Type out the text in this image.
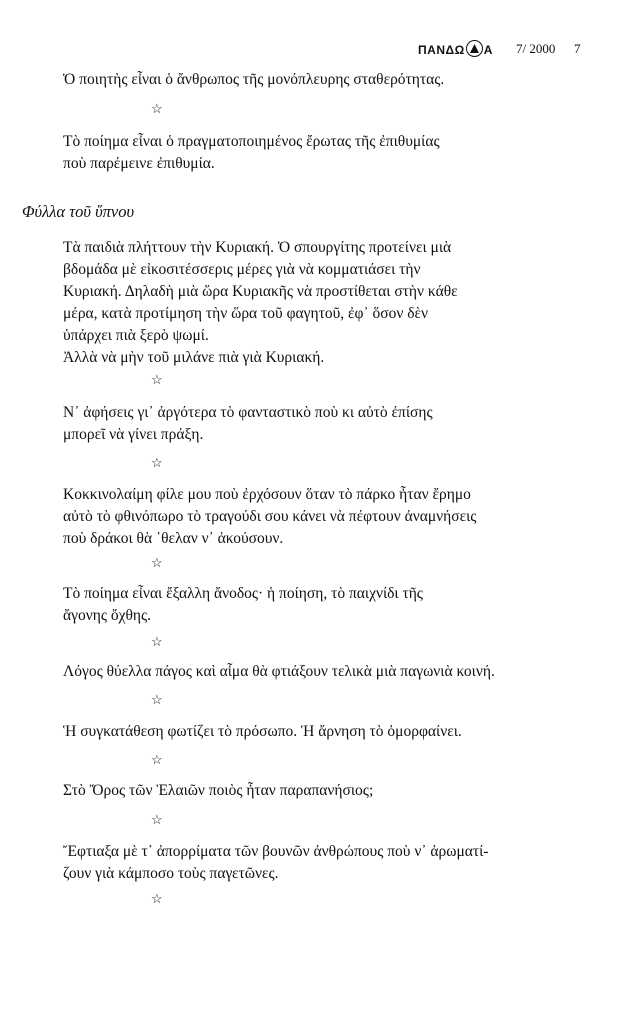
ΠΑΝΔΩ Α 7/ 2000 7

Ὁ ποιητὴς εἶναι ὁ ἄνθρωπος τῆς μονόπλευρης σταθερότητας.

☆

Τὸ ποίημα εἶναι ὁ πραγματοποιημένος ἔρωτας τῆς ἐπιθυμίας
ποὺ παρέμεινε ἐπιθυμία.

Φύλλα τοῦ ὕπνου

Τὰ παιδιὰ πλήττουν τὴν Κυριακή. Ὁ σπουργίτης προτείνει μιὰ
βδομάδα μὲ εἰκοσιτέσσερις μέρες γιὰ νὰ κομματιάσει τὴν
Κυριακή. Δηλαδὴ μιὰ ὥρα Κυριακῆς νὰ προστίθεται στὴν κάθε
μέρα, κατὰ προτίμηση τὴν ὥρα τοῦ φαγητοῦ, ἐφ᾽ ὅσον δὲν
ὑπάρχει πιὰ ξερὸ ψωμί.
Ἀλλὰ νὰ μὴν τοῦ μιλάνε πιὰ γιὰ Κυριακή.

☆

Ν᾽ ἀφήσεις γι᾽ ἀργότερα τὸ φανταστικὸ ποὺ κι αὐτὸ ἐπίσης
μπορεῖ νὰ γίνει πράξη.

☆

Κοκκινολαίμη φίλε μου ποὺ ἐρχόσουν ὅταν τὸ πάρκο ἦταν ἔρημο
αὐτὸ τὸ φθινόπωρο τὸ τραγούδι σου κάνει νὰ πέφτουν ἀναμνήσεις
ποὺ δράκοι θὰ ᾽θελαν ν᾽ ἀκούσουν.

☆

Τὸ ποίημα εἶναι ἔξαλλη ἄνοδος· ἡ ποίηση, τὸ παιχνίδι τῆς
ἄγονης ὄχθης.

☆

Λόγος θύελλα πάγος καὶ αἷμα θὰ φτιάξουν τελικὰ μιὰ παγωνιὰ κοινή.

☆

Ἡ συγκατάθεση φωτίζει τὸ πρόσωπο. Ἡ ἄρνηση τὸ ὀμορφαίνει.

☆

Στὸ Ὄρος τῶν Ἐλαιῶν ποιὸς ἦταν παραπανήσιος;

☆

Ἔφτιαξα μὲ τ᾽ ἀπορρίματα τῶν βουνῶν ἀνθρώπους ποὺ ν᾽ ἀρωματί-
ζουν γιὰ κάμποσο τοὺς παγετῶνες.

☆
